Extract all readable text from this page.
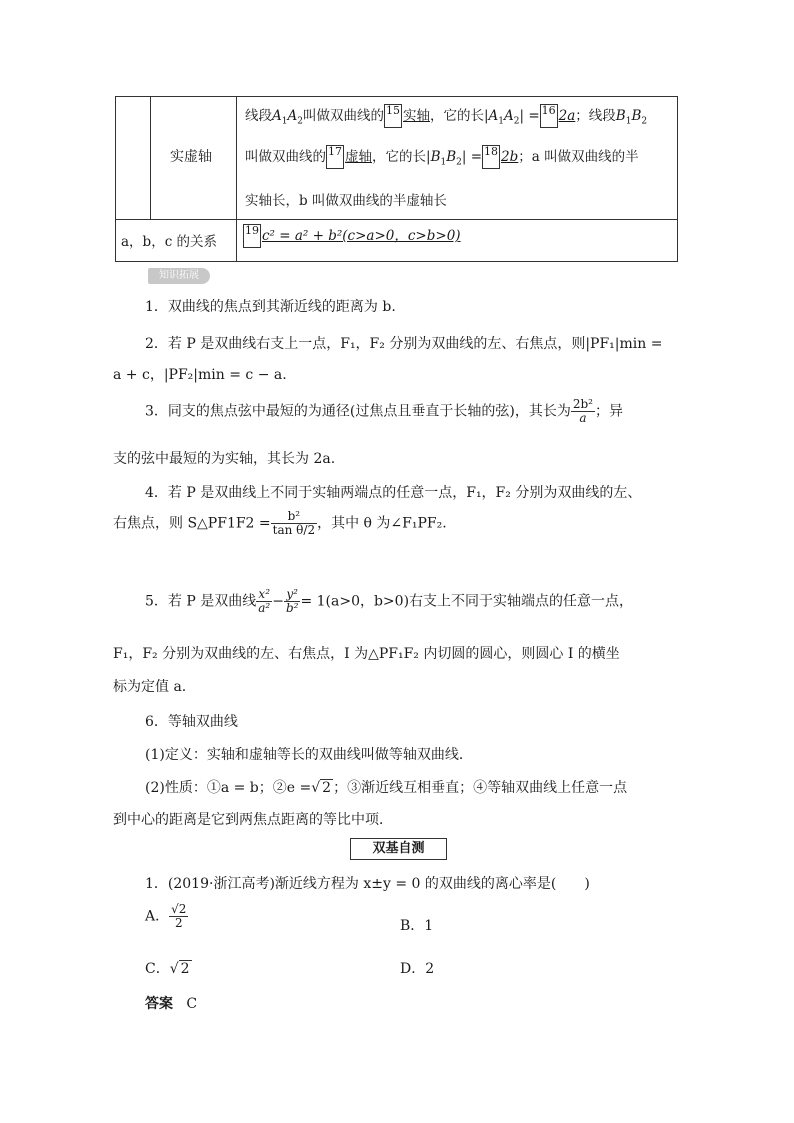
实虚轴
线段$A_1A_2$叫做双曲线的 15 实轴，它的长$|A_1A_2| = 16$ 2a；线段$B_1B_2$
叫做双曲线的 17 虚轴，它的长$|B_1B_2| = 18$ 2b；a 叫做双曲线的半
实轴长，b 叫做双曲线的半虚轴长
a，b，c 的关系
19 c² = a² + b²(c>a>0，c>b>0)
知识拓展
1．双曲线的焦点到其渐近线的距离为 b.
2．若 P 是双曲线右支上一点，F₁，F₂ 分别为双曲线的左、右焦点，则|PF₁|min =
a + c，|PF₂|min = c − a.
3．同支的焦点弦中最短的为通径(过焦点且垂直于长轴的弦)，其长为 $\frac{\text{2b²}}{a}$ ；异
支的弦中最短的为实轴，其长为 2a.
4．若 P 是双曲线上不同于实轴两端点的任意一点，F₁，F₂ 分别为双曲线的左、
右焦点，则 S△PF1F2 = $\frac{\text{b²}}{\text{tan θ/2}}$ ，其中 θ 为∠F₁PF₂.
5．若 P 是双曲线 $\frac{\text{x²}}{\text{a²}} - \frac{\text{y²}}{\text{b²}} = 1(a>0$，b>0)右支上不同于实轴端点的任意一点，
F₁，F₂ 分别为双曲线的左、右焦点，I 为△PF₁F₂ 内切圆的圆心，则圆心 I 的横坐
标为定值 a.
6．等轴双曲线
(1)定义：实轴和虚轴等长的双曲线叫做等轴双曲线．
(2)性质：①a = b；②e =√ 2 ；③渐近线互相垂直；④等轴双曲线上任意一点
到中心的距离是它到两焦点距离的等比中项．
双基自测
1．(2019·浙江高考)渐近线方程为 x±y = 0 的双曲线的离心率是(　　)
A． $\frac{√2}{2}$	B．1
C．√ 2	D．2
答案 C
